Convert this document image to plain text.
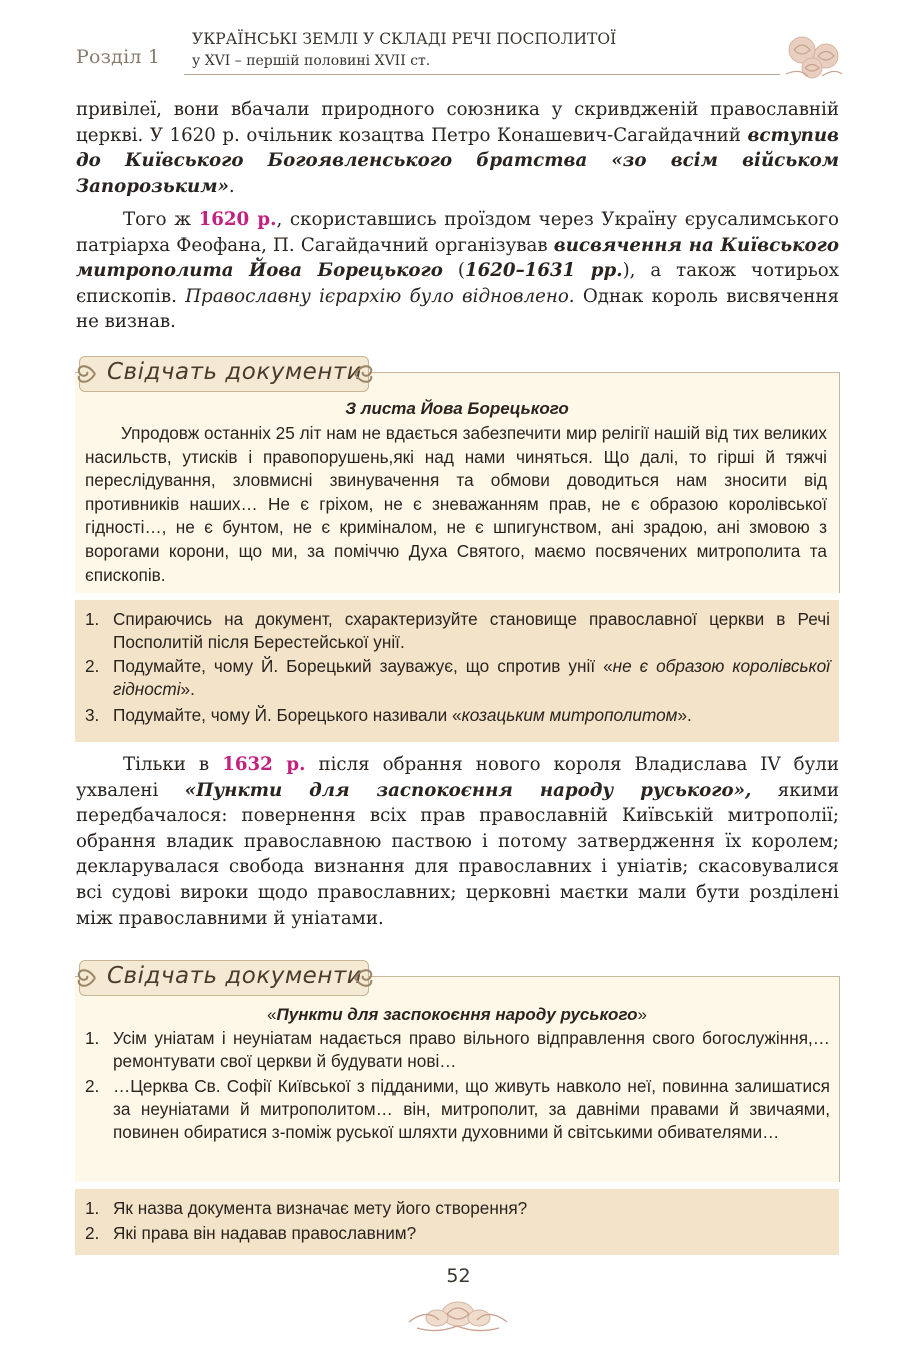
Розділ 1
УКРАЇНСЬКІ ЗЕМЛІ У СКЛАДІ РЕЧІ ПОСПОЛИТОЇ
у XVI – першій половині XVII ст.

привілеї, вони вбачали природного союзника у скривдженій православній церкві. У 1620 р. очільник козацтва Петро Конашевич-Сагайдачний вступив до Київського Богоявленського братства «зо всім військом Запорозьким».

Того ж 1620 р., скориставшись проїздом через Україну єрусалимського патріарха Феофана, П. Сагайдачний організував висвячення на Київського митрополита Йова Борецького (1620–1631 рр.), а також чотирьох єпископів. Православну ієрархію було відновлено. Однак король висвячення не визнав.

З листа Йова Борецького
Упродовж останніх 25 літ нам не вдається забезпечити мир релігії нашій від тих великих насильств, утисків і правопорушень,які над нами чиняться. Що далі, то гірші й тяжчі переслідування, зловмисні звинувачення та обмови доводиться нам зносити від противників наших… Не є гріхом, не є зневажанням прав, не є образою королівської гідності…, не є бунтом, не є криміналом, не є шпигунством, ані зрадою, ані змовою з ворогами корони, що ми, за поміччю Духа Святого, маємо посвячених митрополита та єпископів.
1. Спираючись на документ, схарактеризуйте становище православної церкви в Речі Посполитій після Берестейської унії.
2. Подумайте, чому Й. Борецький зауважує, що спротив унії «не є образою королівської гідності».
3. Подумайте, чому Й. Борецького називали «козацьким митрополитом».
Свідчать документи

Тільки в 1632 р. після обрання нового короля Владислава IV були ухвалені «Пункти для заспокоєння народу руського», якими передбачалося: повернення всіх прав православній Київській митрополії; обрання владик православною паствою і потому затвердження їх королем; декларувалася свобода визнання для православних і уніатів; скасовувалися всі судові вироки щодо православних; церковні маєтки мали бути розділені між православними й уніатами.

«Пункти для заспокоєння народу руського»
1. Усім уніатам і неуніатам надається право вільного відправлення свого богослужіння,… ремонтувати свої церкви й будувати нові…
2. …Церква Св. Софії Київської з підданими, що живуть навколо неї, повинна залишатися за неуніатами й митрополитом… він, митрополит, за давніми правами й звичаями, повинен обиратися з-поміж руської шляхти духовними й світськими обивателями…
1. Як назва документа визначає мету його створення?
2. Які права він надавав православним?
Свідчать документи
52
